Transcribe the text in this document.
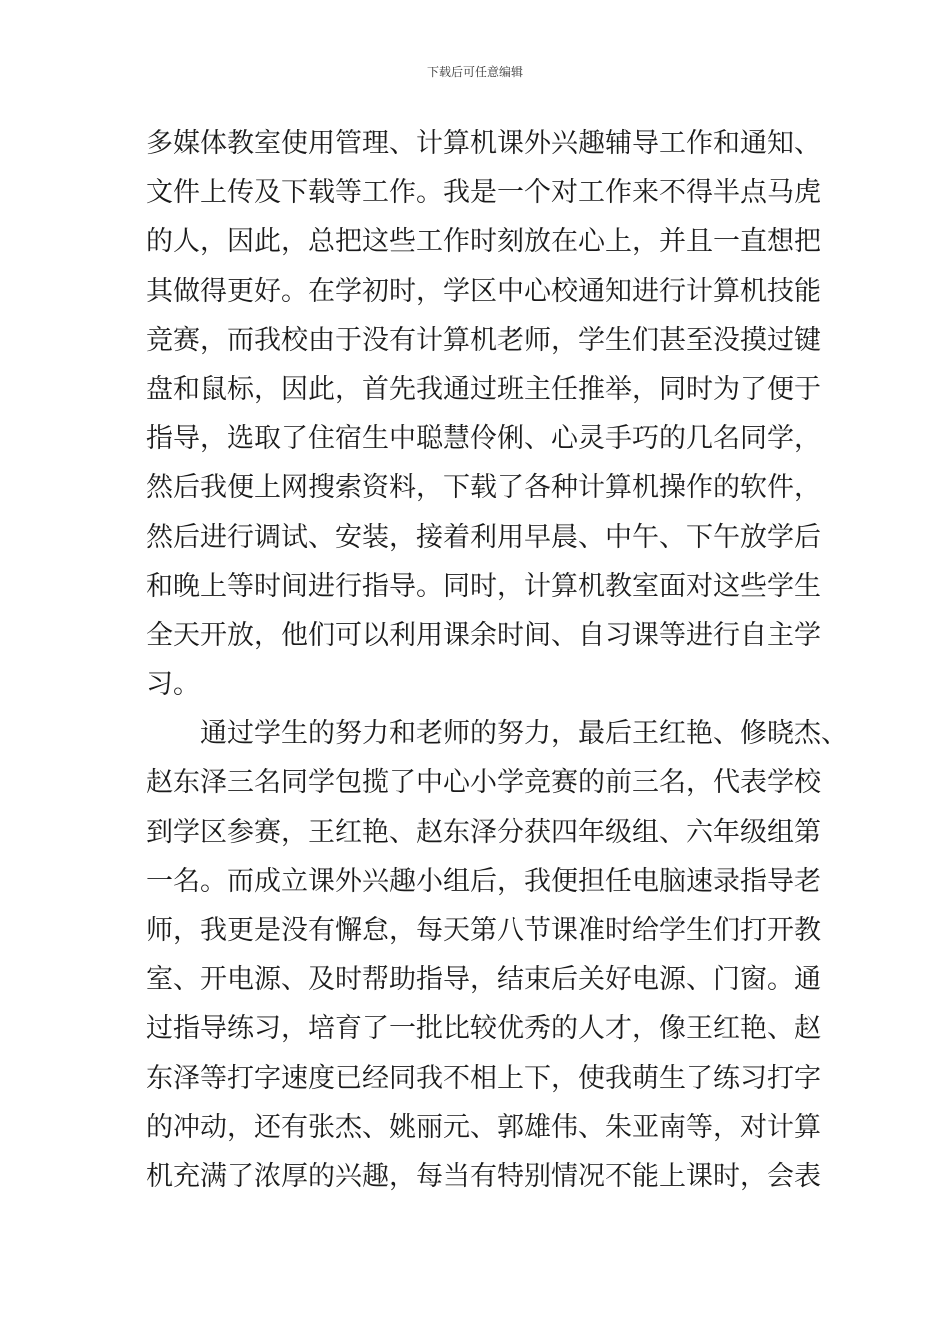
下载后可任意编辑
多媒体教室使用管理、计算机课外兴趣辅导工作和通知、
文件上传及下载等工作。我是一个对工作来不得半点马虎
的人，因此，总把这些工作时刻放在心上，并且一直想把
其做得更好。在学初时，学区中心校通知进行计算机技能
竞赛，而我校由于没有计算机老师，学生们甚至没摸过键
盘和鼠标，因此，首先我通过班主任推举，同时为了便于
指导，选取了住宿生中聪慧伶俐、心灵手巧的几名同学，
然后我便上网搜索资料，下载了各种计算机操作的软件，
然后进行调试、安装，接着利用早晨、中午、下午放学后
和晚上等时间进行指导。同时，计算机教室面对这些学生
全天开放，他们可以利用课余时间、自习课等进行自主学
习。
　　通过学生的努力和老师的努力，最后王红艳、修晓杰、
赵东泽三名同学包揽了中心小学竞赛的前三名，代表学校
到学区参赛，王红艳、赵东泽分获四年级组、六年级组第
一名。而成立课外兴趣小组后，我便担任电脑速录指导老
师，我更是没有懈怠，每天第八节课准时给学生们打开教
室、开电源、及时帮助指导，结束后关好电源、门窗。通
过指导练习，培育了一批比较优秀的人才，像王红艳、赵
东泽等打字速度已经同我不相上下，使我萌生了练习打字
的冲动，还有张杰、姚丽元、郭雄伟、朱亚南等，对计算
机充满了浓厚的兴趣，每当有特别情况不能上课时，会表
